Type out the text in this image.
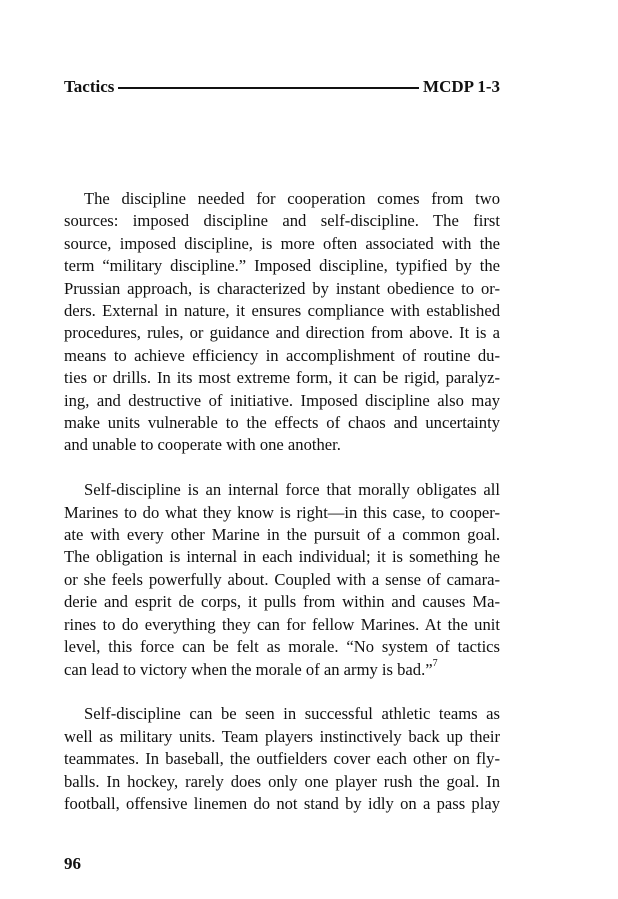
Tactics	MCDP 1-3
The discipline needed for cooperation comes from two
sources: imposed discipline and self-discipline. The first
source, imposed discipline, is more often associated with the
term “military discipline.” Imposed discipline, typified by the
Prussian approach, is characterized by instant obedience to or-
ders. External in nature, it ensures compliance with established
procedures, rules, or guidance and direction from above. It is a
means to achieve efficiency in accomplishment of routine du-
ties or drills. In its most extreme form, it can be rigid, paralyz-
ing, and destructive of initiative. Imposed discipline also may
make units vulnerable to the effects of chaos and uncertainty
and unable to cooperate with one another.
Self-discipline is an internal force that morally obligates all
Marines to do what they know is right—in this case, to cooper-
ate with every other Marine in the pursuit of a common goal.
The obligation is internal in each individual; it is something he
or she feels powerfully about. Coupled with a sense of camara-
derie and esprit de corps, it pulls from within and causes Ma-
rines to do everything they can for fellow Marines. At the unit
level, this force can be felt as morale. “No system of tactics
can lead to victory when the morale of an army is bad.”$^7$
Self-discipline can be seen in successful athletic teams as
well as military units. Team players instinctively back up their
teammates. In baseball, the outfielders cover each other on fly-
balls. In hockey, rarely does only one player rush the goal. In
football, offensive linemen do not stand by idly on a pass play
96
